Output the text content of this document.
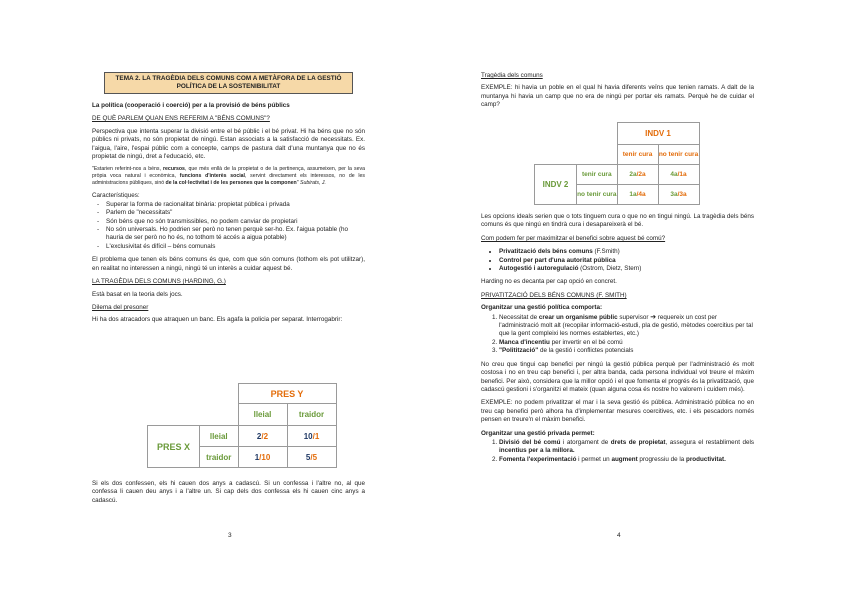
TEMA 2. LA TRAGÈDIA DELS COMUNS COM A METÀFORA DE LA GESTIÓ POLÍTICA DE LA SOSTENIBILITAT
La política (cooperació i coerció) per a la provisió de béns públics
DE QUÈ PARLEM QUAN ENS REFERIM A "BÉNS COMUNS"?

Perspectiva que intenta superar la divisió entre el bé públic i el bé privat. Hi ha béns que no són públics ni privats, no són propietat de ningú. Estan associats a la satisfacció de necessitats. Ex. l'aigua, l'aire, l'espai públic com a concepte, camps de pastura dalt d'una muntanya que no és propietat de ningú, dret a l'educació, etc.

"Estarien referint-nos a béns, recursos, que més enllà de la propietat o de la pertinença, assumeixen, per la seva pròpia voca natural i econòmica, funcions d'interès social, servint directament els interessos, no de les administracions públiques, sinó de la col·lectivitat i de les persones que la componen" Subirats, J.
Característiques:
- Superar la forma de racionalitat binària: propietat pública i privada
- Parlem de "necessitats"
- Són béns que no són transmissibles, no podem canviar de propietari
- No són universals. Ho podrien ser però no tenen perquè ser-ho. Ex. l'aigua potable (ho hauria de ser però no ho és, no tothom té accés a aigua potable)
- L'exclusivitat és difícil – béns comunals

El problema que tenen els béns comuns és que, com que són comuns (tothom els pot utilitzar), en realitat no interessen a ningú, ningú té un interès a cuidar aquest bé.

LA TRAGÈDIA DELS COMUNS (HARDING, G.)

Està basat en la teoria dels jocs.

Dilema del presoner

Hi ha dos atracadors que atraquen un banc. Els agafa la policia per separat. Interrogabrir:

		PRES Y	
		lleial	traidor
PRES X	lleial	2/2	10/1
	traidor	1/10	5/5

Si els dos confessen, els hi cauen dos anys a cadascú. Si un confessa i l'altre no, al que confessa li cauen deu anys i a l'altre un. Si cap dels dos confessa els hi cauen cinc anys a cadascú.

3
Tragèdia dels comuns

EXEMPLE: hi havia un poble en el qual hi havia diferents veïns que tenien ramats. A dalt de la muntanya hi havia un camp que no era de ningú per portar els ramats. Perquè he de cuidar el camp?

		INDV 1	
		tenir cura	no tenir cura
INDV 2	tenir cura	2a/2a	4a/1a
	no tenir cura	1a/4a	3a/3a

Les opcions ideals serien que o tots tinguem cura o que no en tingui ningú. La tragèdia dels béns comuns és que ningú en tindrà cura i desapareixerà el bé.

Com podem fer per maximitzar el benefici sobre aquest bé comú?
• Privatització dels béns comuns (F.Smith)
• Control per part d'una autoritat pública
• Autogestió i autoregulació (Ostrom, Dietz, Stern)

Harding no es decanta per cap opció en concret.

PRIVATITZACIÓ DELS BÉNS COMUNS (F. SMITH)
Organitzar una gestió política comporta:
1. Necessitat de crear un organisme públic supervisor ➔ requereix un cost per l'administració molt alt (recopilar informació-estudi, pla de gestió, mètodes coercitius per tal que la gent compleixi les normes establertes, etc.)
2. Manca d'incentiu per invertir en el bé comú
3. "Politització" de la gestió i conflictes potencials

No creu que tingui cap benefici per ningú la gestió pública perquè per l'administració és molt costosa i no en treu cap benefici i, per altra banda, cada persona individual vol treure el màxim benefici. Per això, considera que la millor opció i el que fomenta el progrés és la privatització, que cadascú gestioni i s'organitzi el mateix (quan alguna cosa és nostre ho valorem i cuidem més).

EXEMPLE: no podem privatitzar el mar i la seva gestió és pública. Administració pública no en treu cap benefici però alhora ha d'implementar mesures coercitives, etc. i els pescadors només pensen en treure'n el màxim benefici.

Organitzar una gestió privada permet:
1. Divisió del bé comú i atorgament de drets de propietat, assegura el restabliment dels incentius per a la millora.
2. Fomenta l'experimentació i permet un augment progressiu de la productivitat.
4
